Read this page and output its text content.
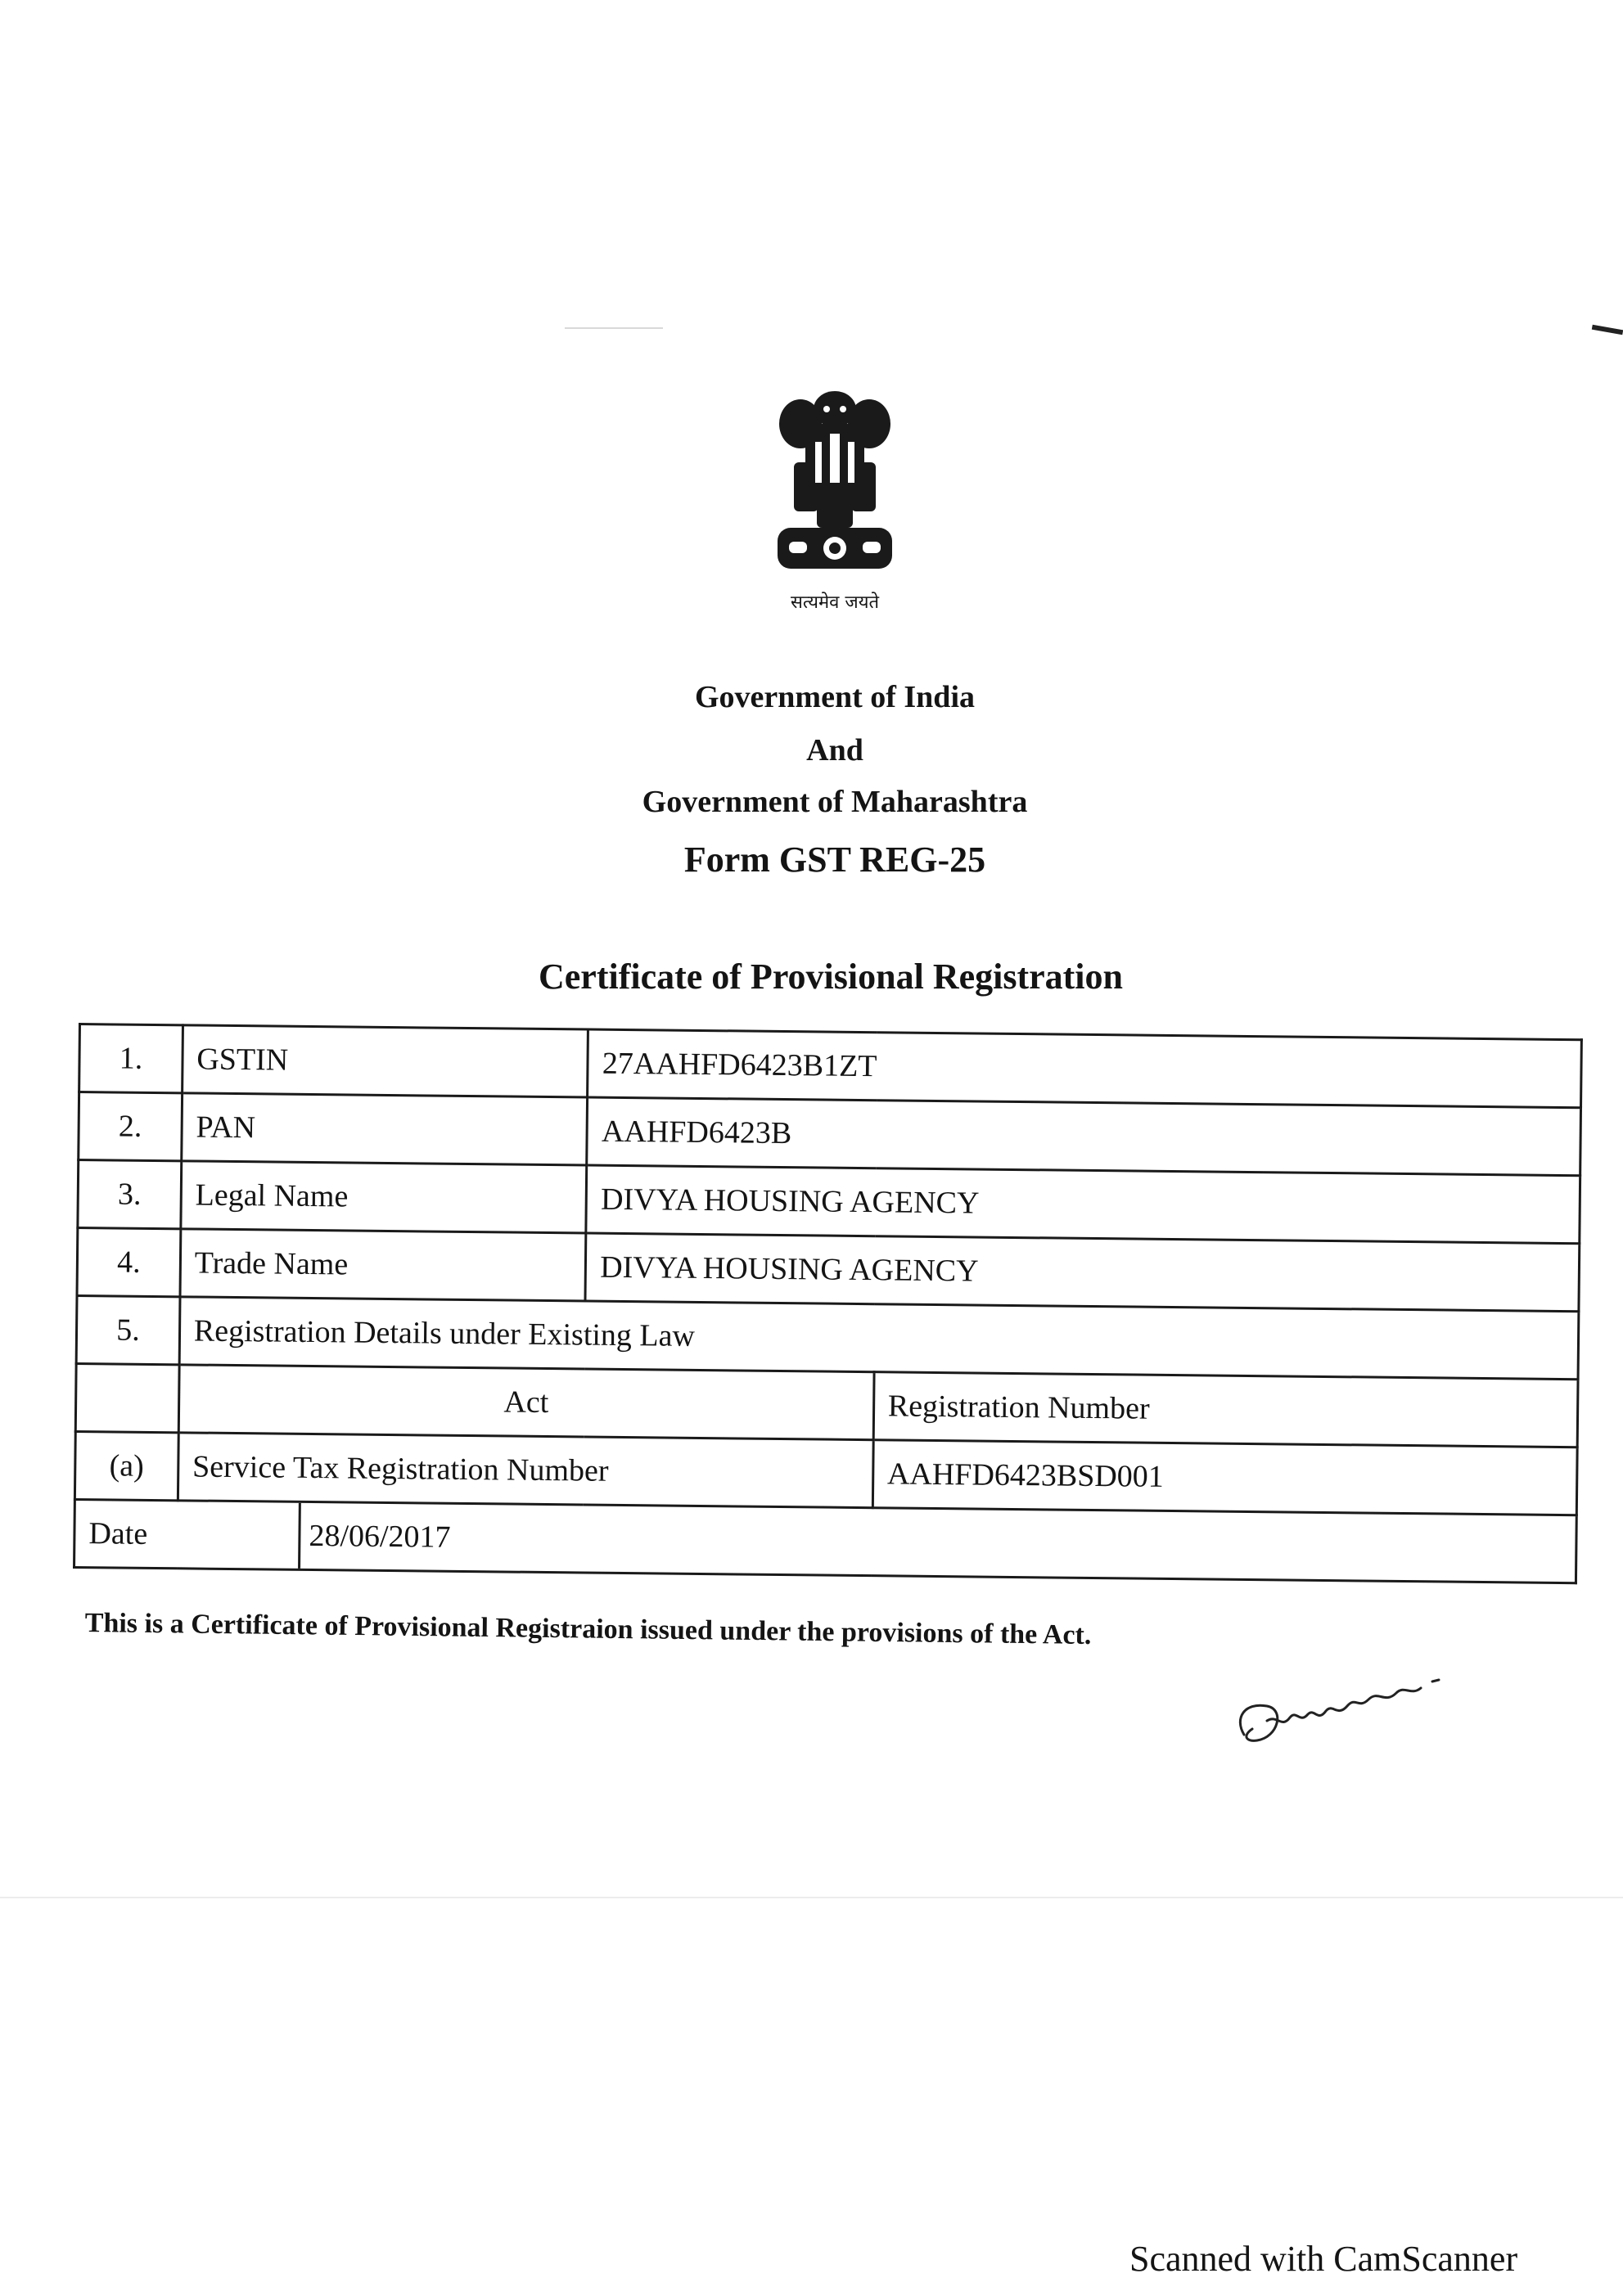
सत्यमेव जयते
Government of India
And
Government of Maharashtra
Form GST REG-25
Certificate of Provisional Registration
1.	GSTIN	27AAHFD6423B1ZT	
2.	PAN	AAHFD6423B	
3.	Legal Name	DIVYA HOUSING AGENCY	
4.	Trade Name	DIVYA HOUSING AGENCY	
5.	Registration Details under Existing Law		
	Act		Registration Number
(a)	Service Tax Registration Number		AAHFD6423BSD001

Date 28/06/2017			
This is a Certificate of Provisional Registraion issued under the provisions of the Act.
Scanned with CamScanner
